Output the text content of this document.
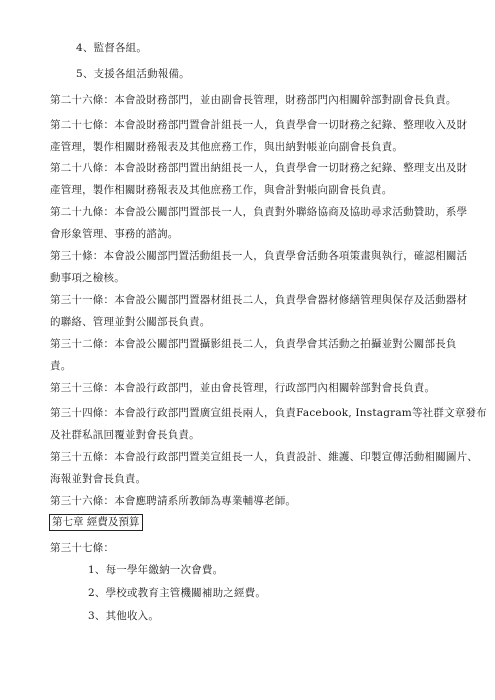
4、監督各組。
5、支援各組活動報備。
第二十六條：本會設財務部門，並由副會長管理，財務部門內相關幹部對副會長負責。
第二十七條：本會設財務部門置會計組長一人，負責學會一切財務之紀錄、整理收入及財
產管理，製作相關財務報表及其他庶務工作，與出納對帳並向副會長負責。
第二十八條：本會設財務部門置出納組長一人，負責學會一切財務之紀錄、整理支出及財
產管理，製作相關財務報表及其他庶務工作，與會計對帳向副會長負責。
第二十九條：本會設公關部門置部長一人，負責對外聯絡協商及協助尋求活動贊助，系學
會形象管理、事務的諮詢。
第三十條：本會設公關部門置活動組長一人，負責學會活動各項策畫與執行，確認相關活
動事項之檢核。
第三十一條：本會設公關部門置器材組長二人，負責學會器材修繕管理與保存及活動器材
的聯絡、管理並對公關部長負責。
第三十二條：本會設公關部門置攝影組長二人，負責學會其活動之拍攝並對公關部長負
責。
第三十三條：本會設行政部門，並由會長管理，行政部門內相關幹部對會長負責。
第三十四條：本會設行政部門置廣宣組長兩人，負責Facebook, Instagram等社群文章發布
及社群私訊回覆並對會長負責。
第三十五條：本會設行政部門置美宣組長一人，負責設計、維護、印製宣傳活動相關圖片、
海報並對會長負責。
第三十六條：本會應聘請系所教師為專業輔導老師。
第七章 經費及預算
第三十七條：
1、每一學年繳納一次會費。
2、學校或教育主管機關補助之經費。
3、其他收入。
